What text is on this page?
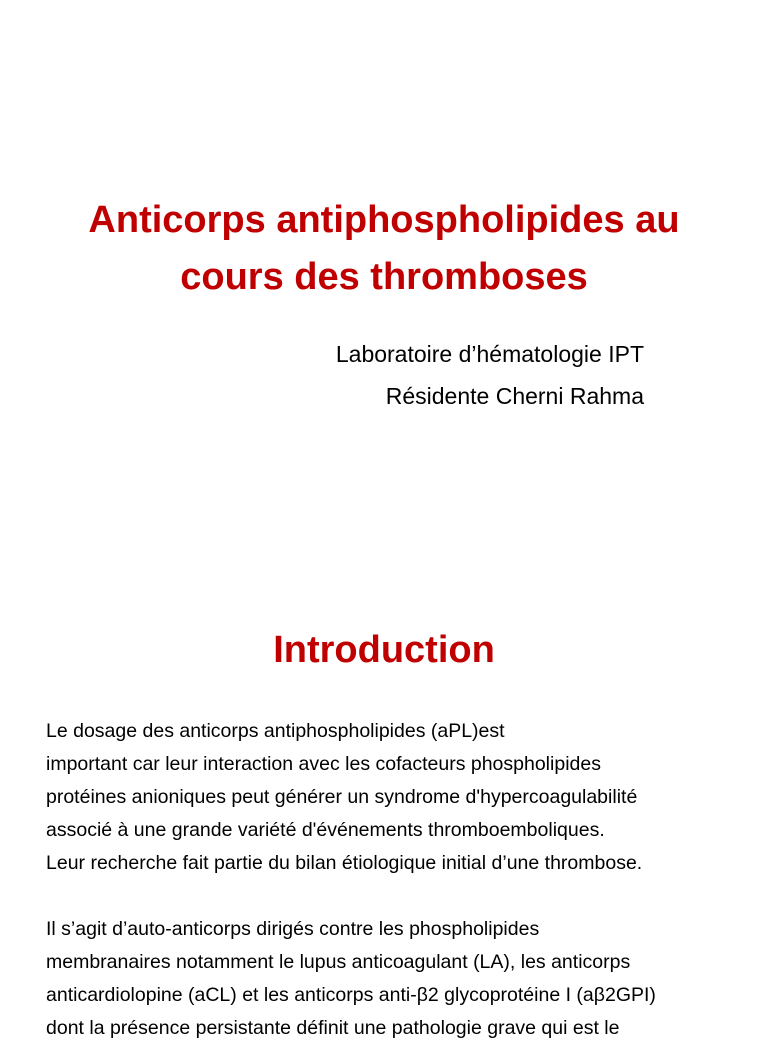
Anticorps antiphospholipides au
cours des thromboses
Laboratoire d’hématologie IPT
Résidente Cherni Rahma
Introduction
Le dosage des anticorps antiphospholipides (aPL)est
important car leur interaction avec les cofacteurs phospholipides
protéines anioniques peut générer un syndrome d'hypercoagulabilité
associé à une grande variété d'événements thromboemboliques.
Leur recherche fait partie du bilan étiologique initial d’une thrombose.
Il s’agit d’auto-anticorps dirigés contre les phospholipides
membranaires notamment le lupus anticoagulant (LA), les anticorps
anticardiolopine (aCL) et les anticorps anti-β2 glycoprotéine I (aβ2GPI)
dont la présence persistante définit une pathologie grave qui est le
